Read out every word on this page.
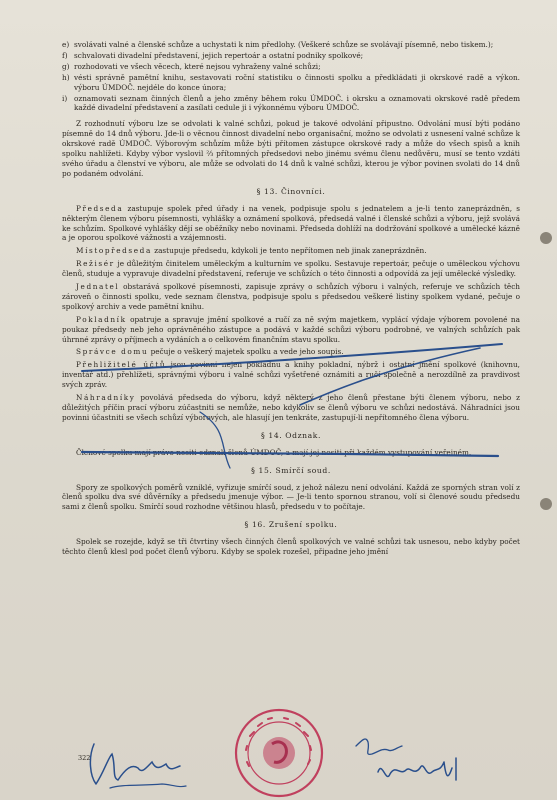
e) svolávati valné a členské schůze a uchystati k nim předlohy. (Veškeré schůze se svolávají písemně, nebo tiskem.);
f) schvalovati divadelní představení, jejich repertoár a ostatní podniky spolkové;
g) rozhodovati ve všech věcech, které nejsou vyhraženy valné schůzi;
h) vésti správně pamětní knihu, sestavovati roční statistiku o činnosti spolku a předkládati ji okrskové radě a výkon. výboru ÚMDOČ. nejdéle do konce února;
i) oznamovati seznam činných členů a jeho změny během roku ÚMDOČ. i okrsku a oznamovati okrskové radě předem každé divadelní představení a zasílati cedule ji i výkonnému výboru ÚMDOČ.

Z rozhodnutí výboru lze se odvolati k valné schůzi, pokud je takové odvolání připustno. Odvolání musí býti podáno písemně do 14 dnů výboru. Jde-li o věcnou činnost divadelní nebo organisační, možno se odvolati z usnesení valné schůze k okrskové radě ÚMDOČ. Výborovým schůzím může býti přítomen zástupce okrskové rady a může do všech spisů a knih spolku nahlížeti. Kdyby výbor vyslovil ⅔ přítomných předsedovi nebo jinému svému členu nedůvěru, musí se tento vzdáti svého úřadu a členství ve výboru, ale může se odvolati do 14 dnů k valné schůzi, kterou je výbor povinen svolati do 14 dnů po podaném odvolání.

§ 13. Činovníci.

Předseda zastupuje spolek před úřady i na venek, podpisuje spolu s jednatelem a je-li tento zaneprázdněn, s některým členem výboru písemnosti, vyhlášky a oznámení spolková, předsedá valné i členské schůzi a výboru, jejž svolává ke schůzím. Spolkové vyhlášky dějí se oběžníky nebo novinami. Předseda dohlíží na dodržování spolkové a umělecké kázně a je oporou spolkové vážnosti a vzájemnosti.

Místopředseda zastupuje předsedu, kdykoli je tento nepřítomen neb jinak zaneprázdněn.

Režisér je důležitým činitelem uměleckým a kulturním ve spolku. Sestavuje repertoár, pečuje o uměleckou výchovu členů, studuje a vypravuje divadelní představení, referuje ve schůzích o této činnosti a odpovídá za její umělecké výsledky.

Jednatel obstarává spolkové písemnosti, zapisuje zprávy o schůzích výboru i valných, referuje ve schůzích těch zároveň o činnosti spolku, vede seznam členstva, podpisuje spolu s předsedou veškeré listiny spolkem vydané, pečuje o spolkový archiv a vede pamětní knihu.

Pokladník opatruje a spravuje jmění spolkové a ručí za ně svým majetkem, vyplácí výdaje výborem povolené na poukaz předsedy neb jeho oprávněného zástupce a podává v každé schůzi výboru podrobné, ve valných schůzích pak úhrnné zprávy o příjmech a vydáních a o celkovém finančním stavu spolku.

Správce domu pečuje o veškerý majetek spolku a vede jeho soupis.

Přehližitelé účtů jsou povinni nejen pokladnu a knihy pokladní, nýbrž i ostatní jmění spolkové (knihovnu, inventář atd.) přehlížeti, správnými výboru i valné schůzi vyšetřené oznámiti a ručí společně a nerozdílně za pravdivost svých zpráv.

Náhradníky povolává předseda do výboru, když některý z jeho členů přestane býti členem výboru, nebo z důležitých příčin prací výboru zúčastniti se nemůže, nebo kdykoliv se členů výboru ve schůzi nedostává. Náhradníci jsou povinni účastniti se všech schůzí výborových, ale hlasují jen tenkráte, zastupují-li nepřítomného člena výboru.

§ 14. Odznak.

Členové spolku mají právo nositi odznak členů ÚMDOČ, a mají jej nositi při každém vystupování veřejném.

§ 15. Smírčí soud.

Spory ze spolkových poměrů vzniklé, vyřizuje smírčí soud, z jehož nálezu není odvolání. Každá ze sporných stran volí z členů spolku dva své důvěrníky a předsedu jmenuje výbor. — Je-li tento spornou stranou, volí si členové soudu předsedu sami z členů spolku. Smírčí soud rozhodne většinou hlasů, předsedu v to počítaje.

§ 16. Zrušení spolku.

Spolek se rozejde, když se tři čtvrtiny všech činných členů spolkových ve valné schůzi tak usnesou, nebo kdyby počet těchto členů klesl pod počet členů výboru. Kdyby se spolek rozešel, připadne jeho jmění

322
